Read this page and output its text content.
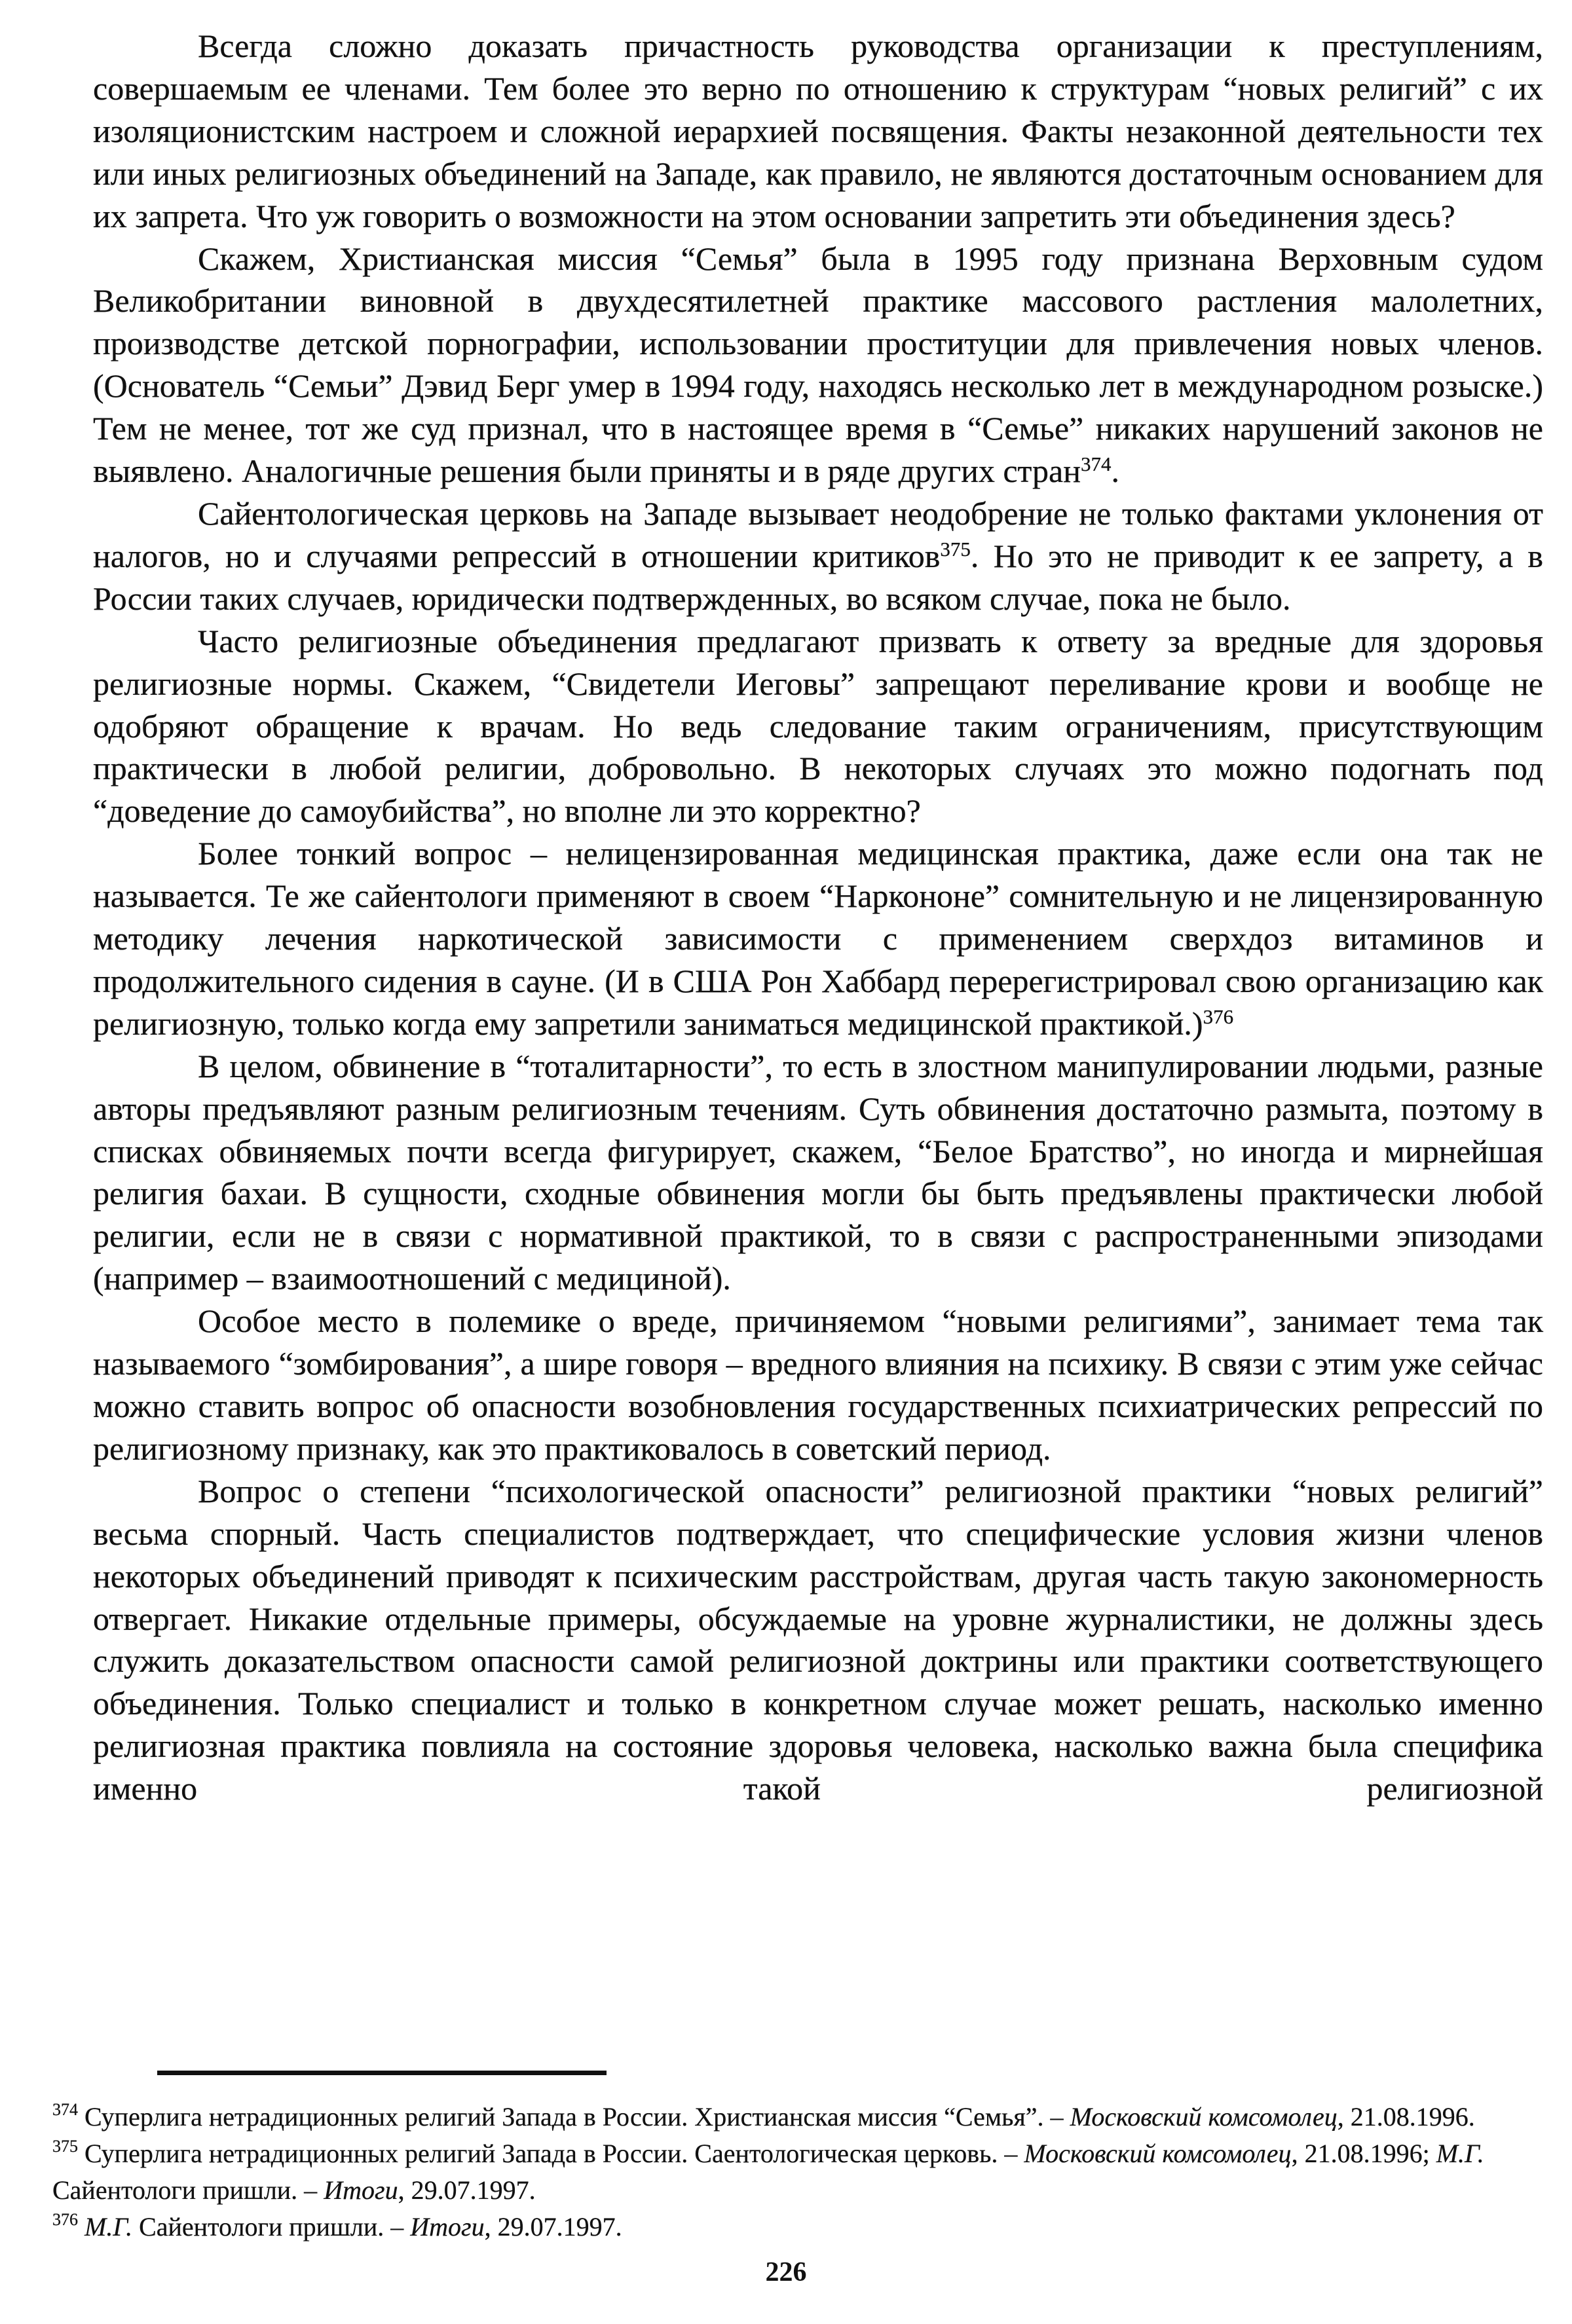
Всегда сложно доказать причастность руководства организации к преступлениям, совершаемым ее членами. Тем более это верно по отношению к структурам “новых религий” с их изоляционистским настроем и сложной иерархией посвящения. Факты незаконной деятельности тех или иных религиозных объединений на Западе, как правило, не являются достаточным основанием для их запрета. Что уж говорить о возможности на этом основании запретить эти объединения здесь?

Скажем, Христианская миссия “Семья” была в 1995 году признана Верховным судом Великобритании виновной в двухдесятилетней практике массового растления малолетних, производстве детской порнографии, использовании проституции для привлечения новых членов. (Основатель “Семьи” Дэвид Берг умер в 1994 году, находясь несколько лет в международном розыске.) Тем не менее, тот же суд признал, что в настоящее время в “Семье” никаких нарушений законов не выявлено. Аналогичные решения были приняты и в ряде других стран$^{374}$.

Сайентологическая церковь на Западе вызывает неодобрение не только фактами уклонения от налогов, но и случаями репрессий в отношении критиков$^{375}$. Но это не приводит к ее запрету, а в России таких случаев, юридически подтвержденных, во всяком случае, пока не было.

Часто религиозные объединения предлагают призвать к ответу за вредные для здоровья религиозные нормы. Скажем, “Свидетели Иеговы” запрещают переливание крови и вообще не одобряют обращение к врачам. Но ведь следование таким ограничениям, присутствующим практически в любой религии, добровольно. В некоторых случаях это можно подогнать под “доведение до самоубийства”, но вполне ли это корректно?

Более тонкий вопрос – нелицензированная медицинская практика, даже если она так не называется. Те же сайентологи применяют в своем “Наркононе” сомнительную и не лицензированную методику лечения наркотической зависимости с применением сверхдоз витаминов и продолжительного сидения в сауне. (И в США Рон Хаббард перерегистрировал свою организацию как религиозную, только когда ему запретили заниматься медицинской практикой.)$^{376}$

В целом, обвинение в “тоталитарности”, то есть в злостном манипулировании людьми, разные авторы предъявляют разным религиозным течениям. Суть обвинения достаточно размыта, поэтому в списках обвиняемых почти всегда фигурирует, скажем, “Белое Братство”, но иногда и мирнейшая религия бахаи. В сущности, сходные обвинения могли бы быть предъявлены практически любой религии, если не в связи с нормативной практикой, то в связи с распространенными эпизодами (например – взаимоотношений с медициной).

Особое место в полемике о вреде, причиняемом “новыми религиями”, занимает тема так называемого “зомбирования”, а шире говоря – вредного влияния на психику. В связи с этим уже сейчас можно ставить вопрос об опасности возобновления государственных психиатрических репрессий по религиозному признаку, как это практиковалось в советский период.

Вопрос о степени “психологической опасности” религиозной практики “новых религий” весьма спорный. Часть специалистов подтверждает, что специфические условия жизни членов некоторых объединений приводят к психическим расстройствам, другая часть такую закономерность отвергает. Никакие отдельные примеры, обсуждаемые на уровне журналистики, не должны здесь служить доказательством опасности самой религиозной доктрины или практики соответствующего объединения. Только специалист и только в конкретном случае может решать, насколько именно религиозная практика повлияла на состояние здоровья человека, насколько важна была специфика именно такой религиозной

$^{374}$ Суперлига нетрадиционных религий Запада в России. Христианская миссия “Семья”. – Московский комсомолец, 21.08.1996.

$^{375}$ Суперлига нетрадиционных религий Запада в России. Саентологическая церковь. – Московский комсомолец, 21.08.1996; М.Г. Сайентологи пришли. – Итоги, 29.07.1997.

$^{376}$ М.Г. Сайентологи пришли. – Итоги, 29.07.1997.

226
